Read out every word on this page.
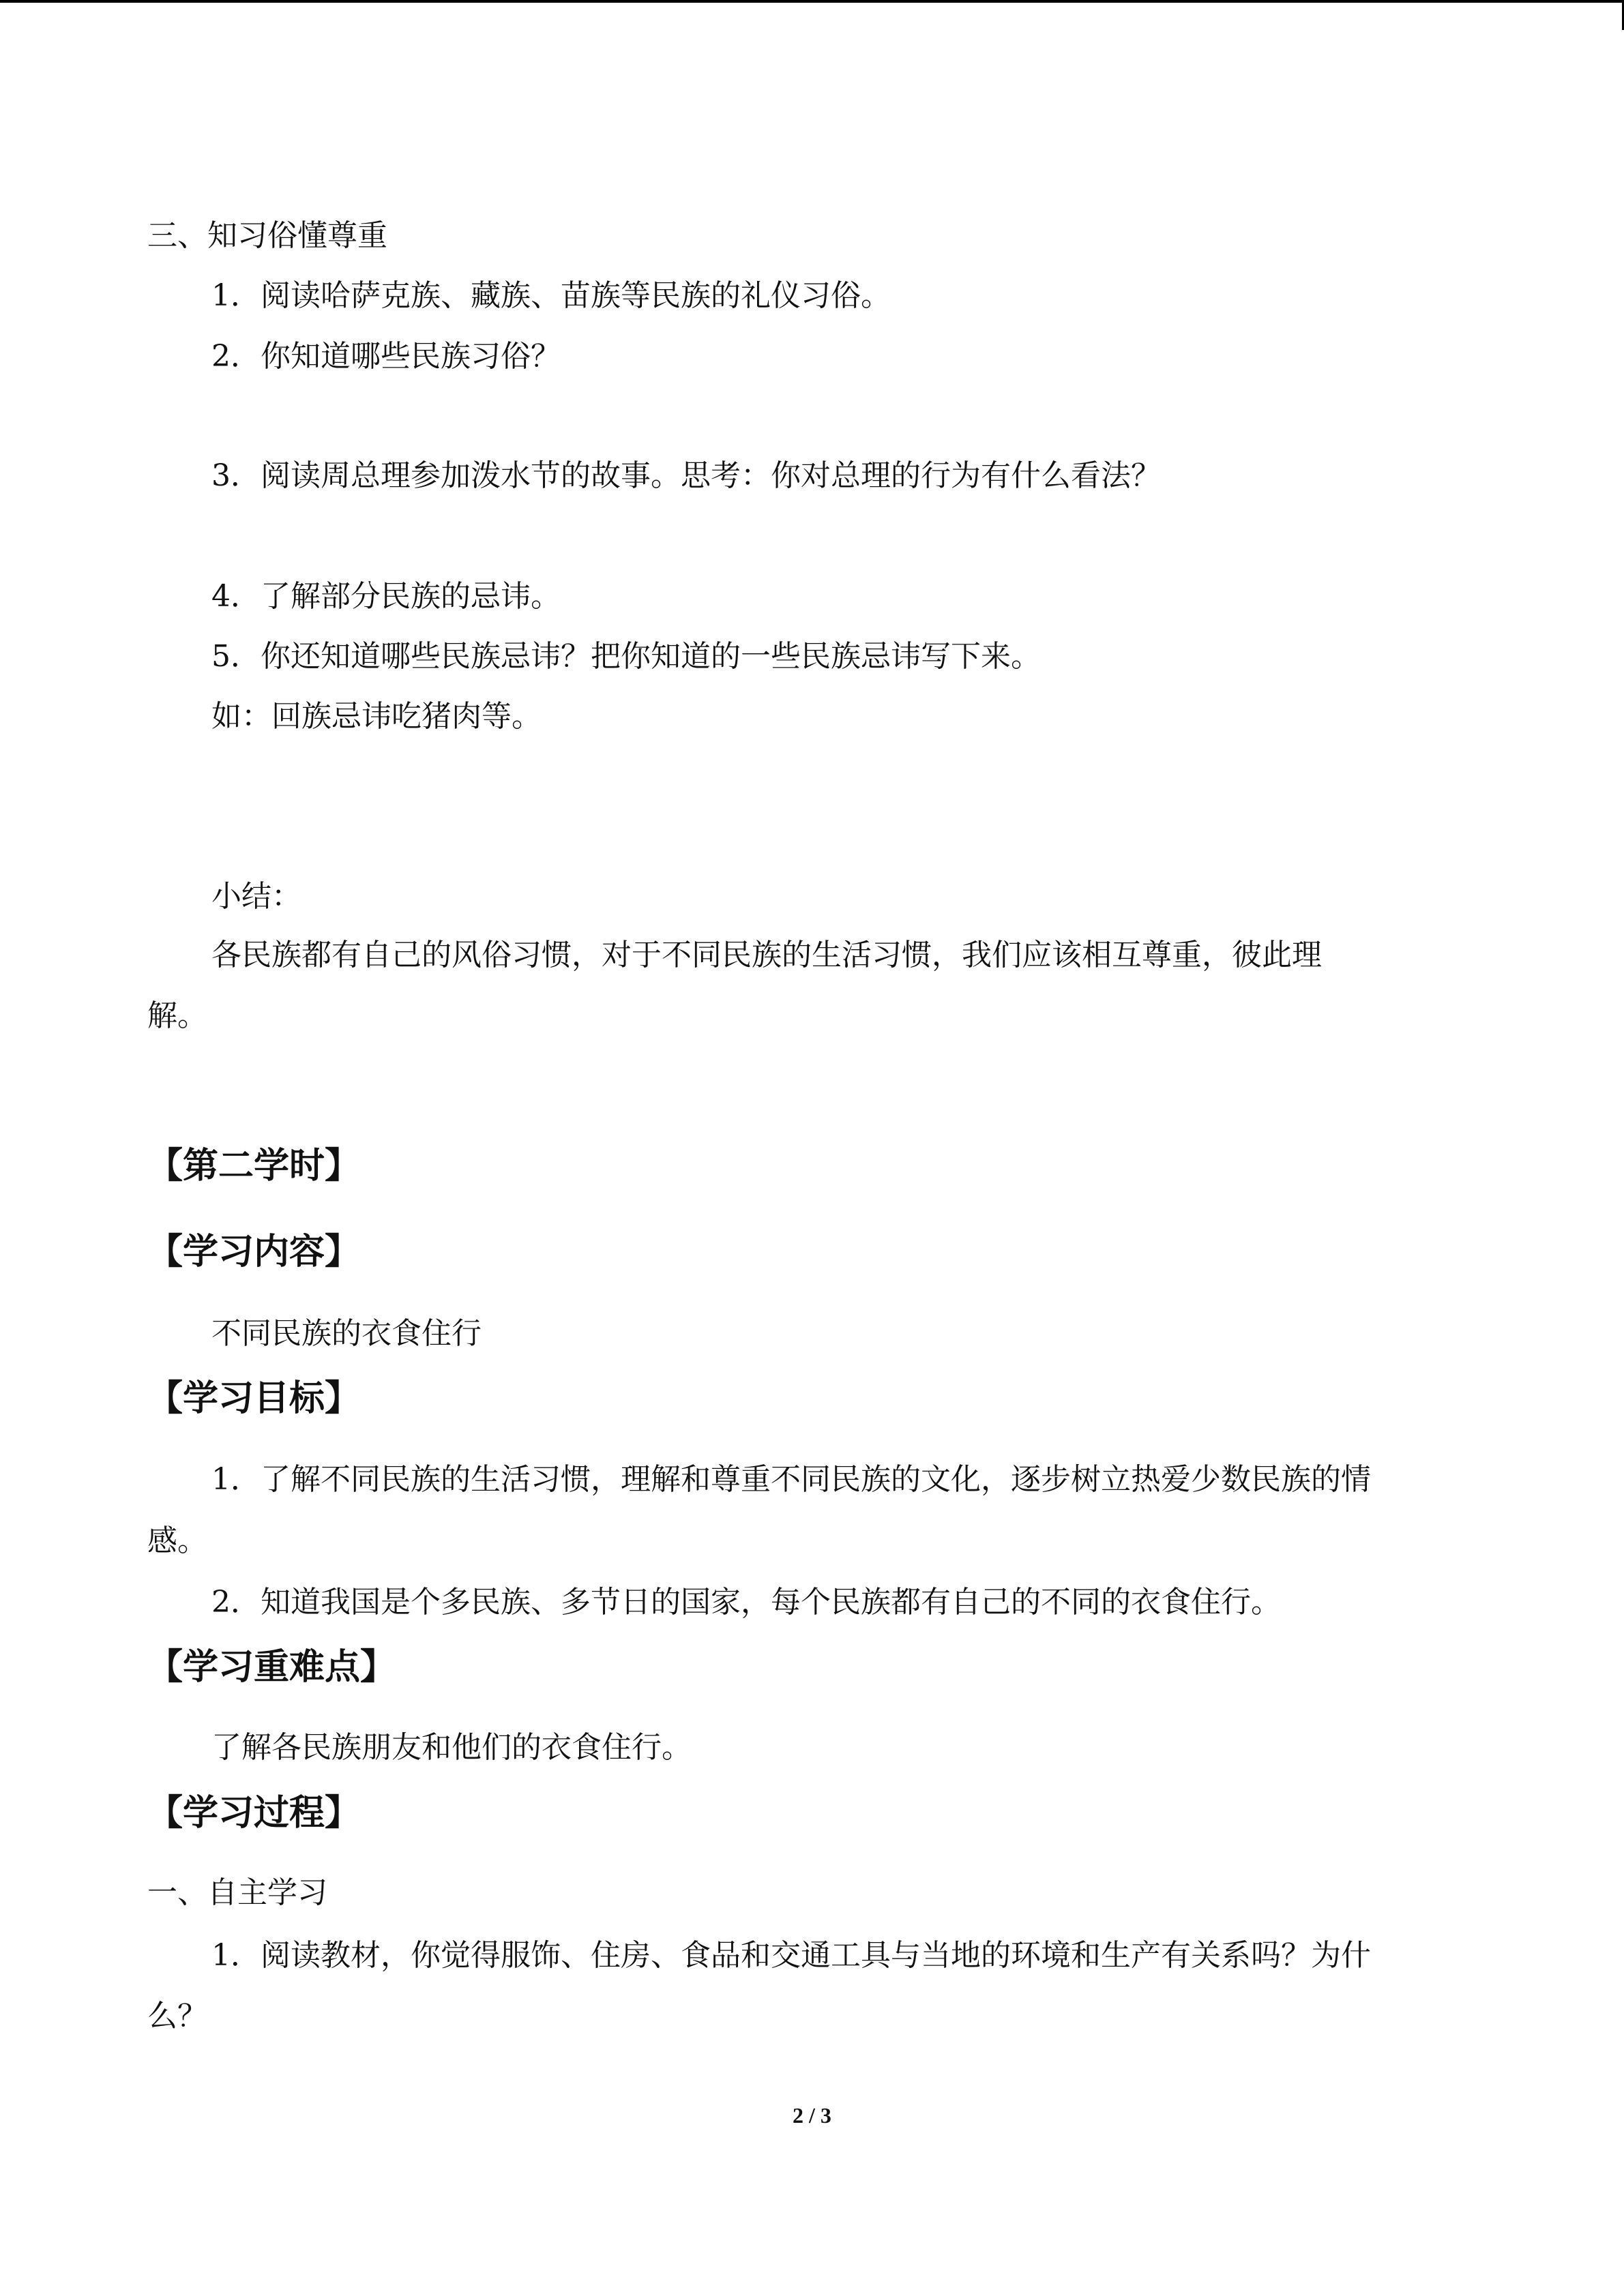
三、知习俗懂尊重
1．阅读哈萨克族、藏族、苗族等民族的礼仪习俗。
2．你知道哪些民族习俗？
3．阅读周总理参加泼水节的故事。思考：你对总理的行为有什么看法？
4．了解部分民族的忌讳。
5．你还知道哪些民族忌讳？把你知道的一些民族忌讳写下来。
如：回族忌讳吃猪肉等。
小结：
各民族都有自己的风俗习惯，对于不同民族的生活习惯，我们应该相互尊重，彼此理
解。
【第二学时】
【学习内容】
不同民族的衣食住行
【学习目标】
1．了解不同民族的生活习惯，理解和尊重不同民族的文化，逐步树立热爱少数民族的情
感。
2．知道我国是个多民族、多节日的国家，每个民族都有自己的不同的衣食住行。
【学习重难点】
了解各民族朋友和他们的衣食住行。
【学习过程】
一、自主学习
1．阅读教材，你觉得服饰、住房、食品和交通工具与当地的环境和生产有关系吗？为什
么？
2 / 3
